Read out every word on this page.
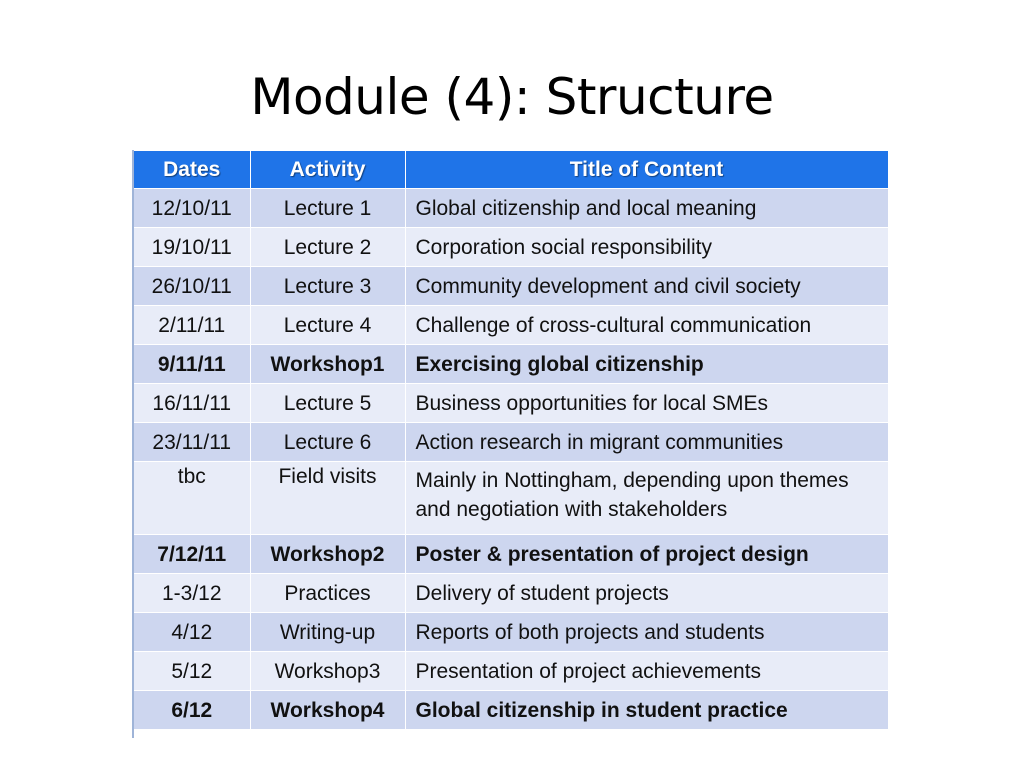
Module (4): Structure
Dates	Activity	Title of Content
12/10/11	Lecture 1	Global citizenship and local meaning
19/10/11	Lecture 2	Corporation social responsibility
26/10/11	Lecture 3	Community development and civil society
2/11/11	Lecture 4	Challenge of cross-cultural communication
9/11/11	Workshop1	Exercising global citizenship
16/11/11	Lecture 5	Business opportunities for local SMEs
23/11/11	Lecture 6	Action research in migrant communities
tbc	Field visits	Mainly in Nottingham, depending upon themes and negotiation with stakeholders
7/12/11	Workshop2	Poster & presentation of project design
1-3/12	Practices	Delivery of student projects
4/12	Writing-up	Reports of both projects and students
5/12	Workshop3	Presentation of project achievements
6/12	Workshop4	Global citizenship in student practice
